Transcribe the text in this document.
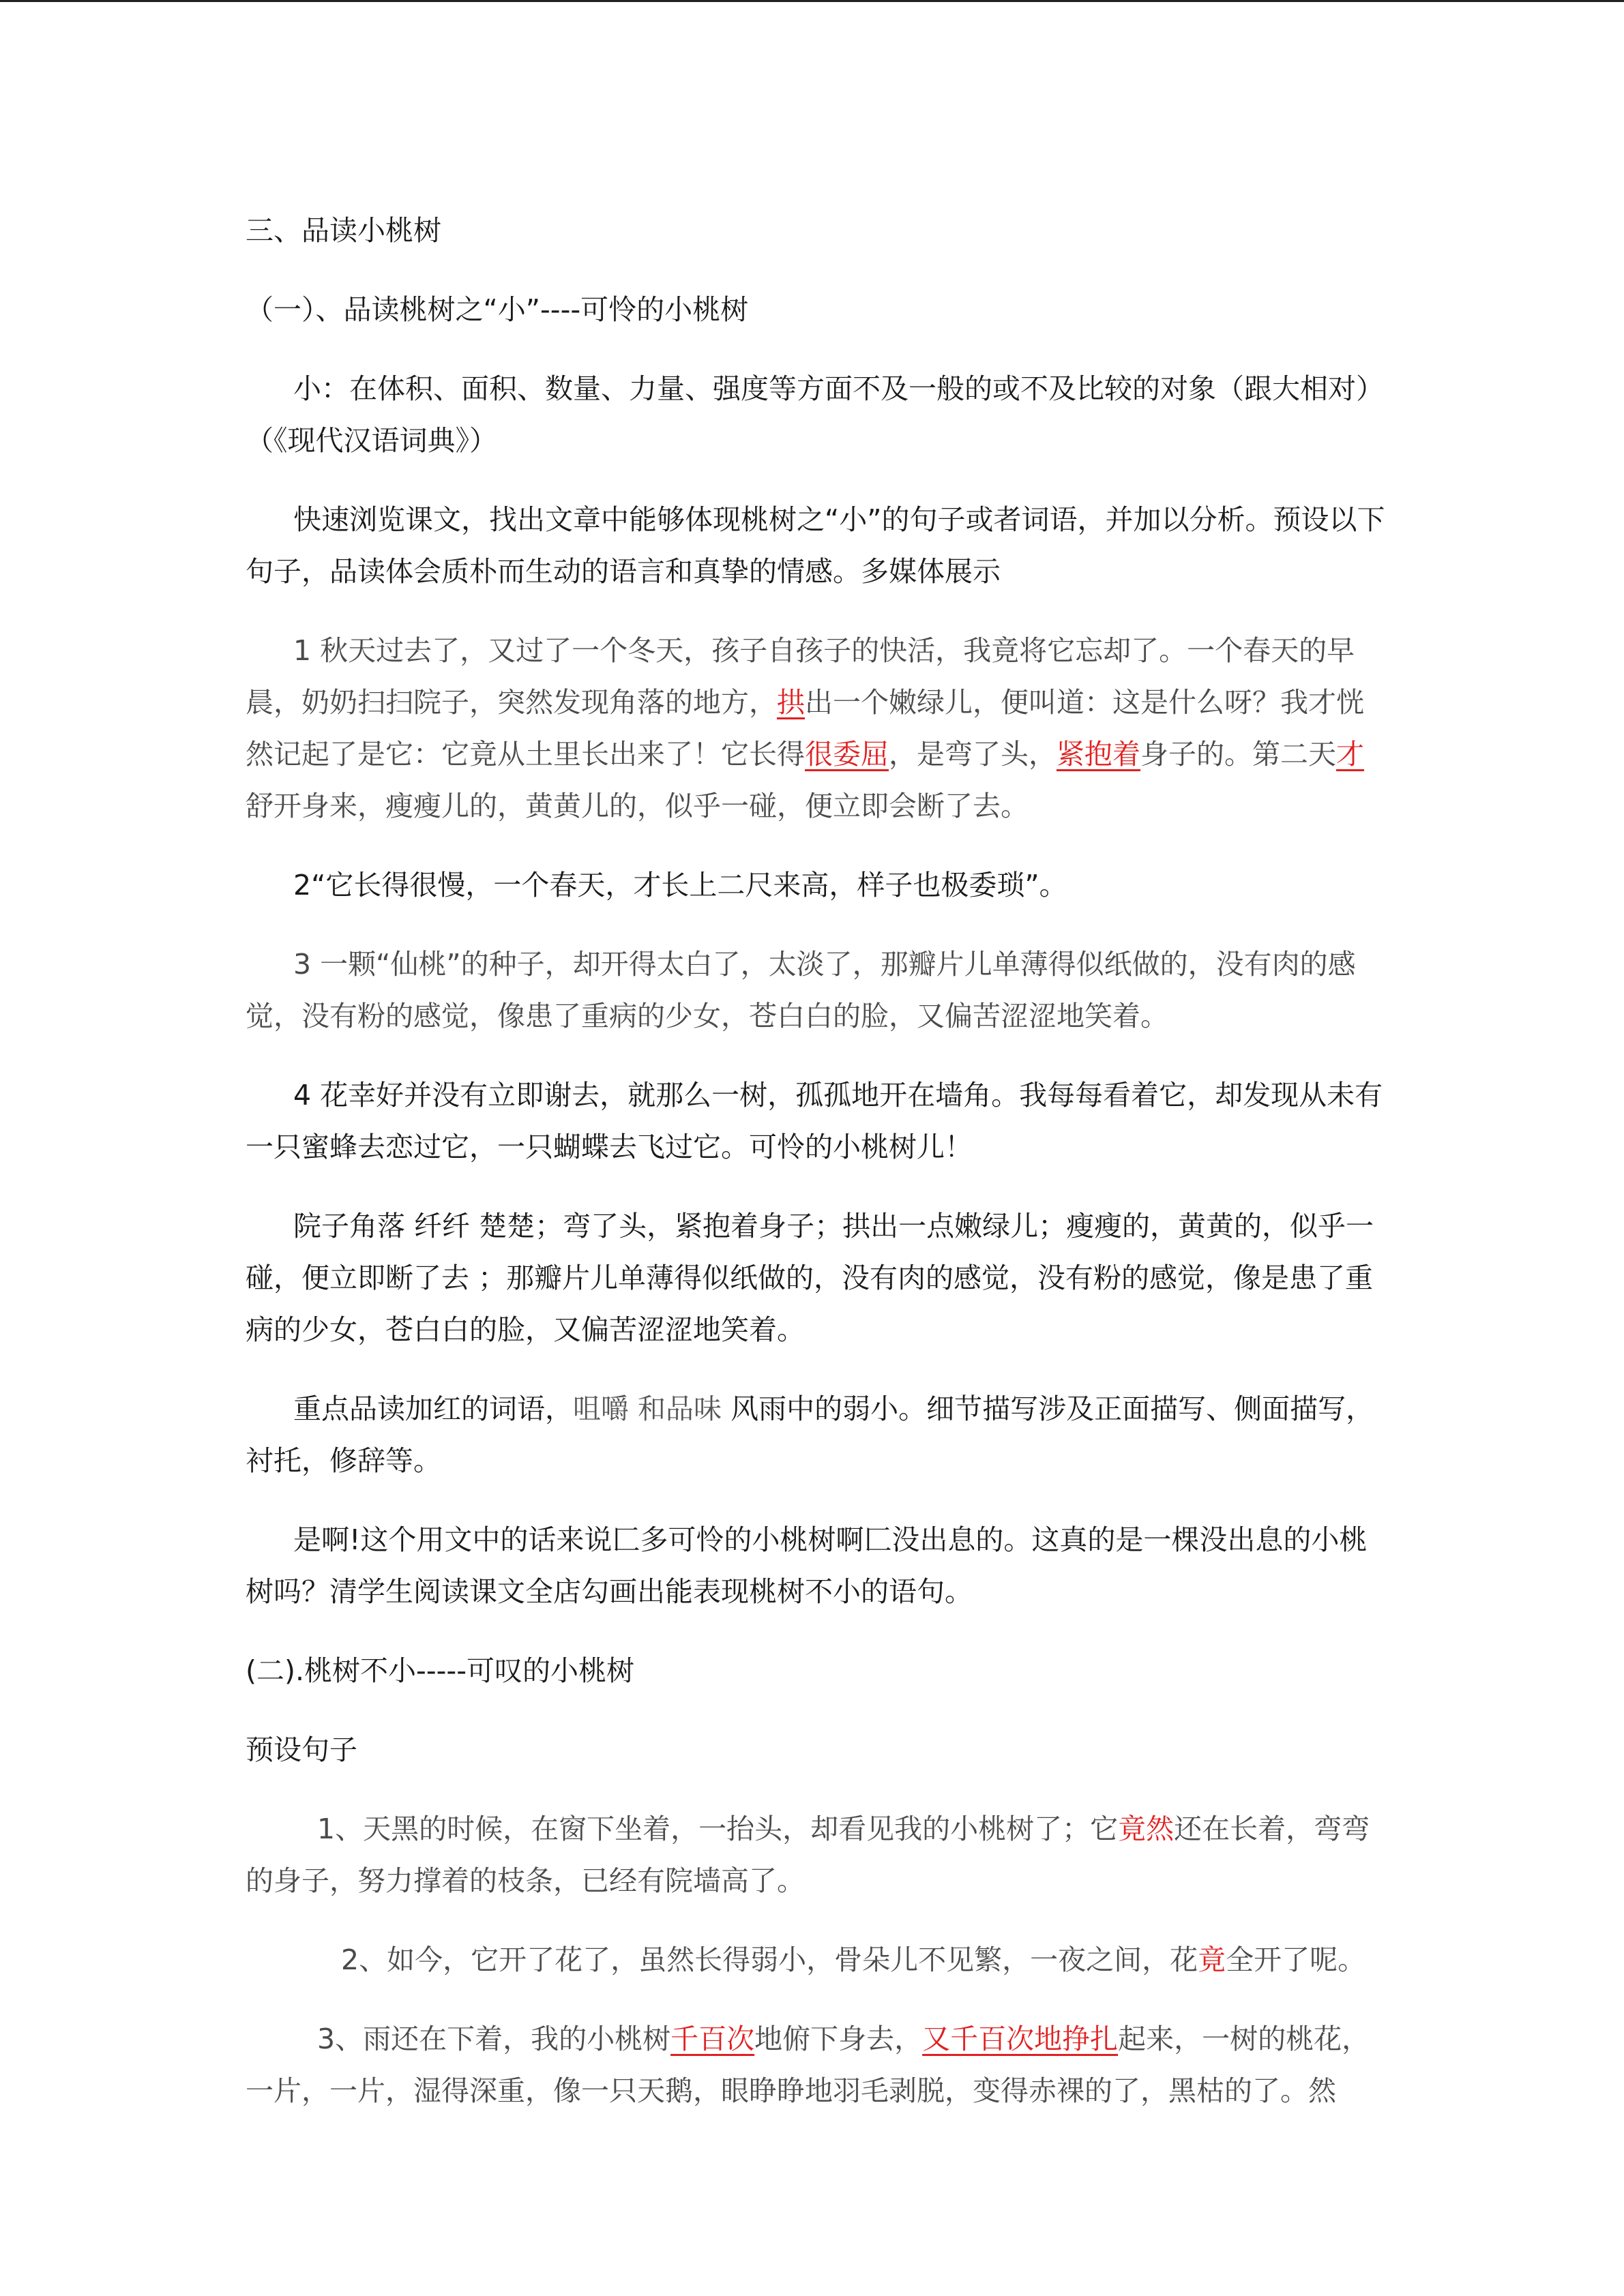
三、品读小桃树

（一）、品读桃树之“小”----可怜的小桃树

小：在体积、面积、数量、力量、强度等方面不及一般的或不及比较的对象（跟大相对）（《现代汉语词典》）

快速浏览课文，找出文章中能够体现桃树之“小”的句子或者词语，并加以分析。预设以下句子，品读体会质朴而生动的语言和真挚的情感。多媒体展示

1 秋天过去了，又过了一个冬天，孩子自孩子的快活，我竟将它忘却了。一个春天的早晨，奶奶扫扫院子，突然发现角落的地方，拱出一个嫩绿儿，便叫道：这是什么呀？我才恍然记起了是它：它竟从土里长出来了！它长得很委屈，是弯了头，紧抱着身子的。第二天才舒开身来，瘦瘦儿的，黄黄儿的，似乎一碰，便立即会断了去。

2“它长得很慢，一个春天，才长上二尺来高，样子也极委琐”。

3 一颗“仙桃”的种子，却开得太白了，太淡了，那瓣片儿单薄得似纸做的，没有肉的感觉，没有粉的感觉，像患了重病的少女，苍白白的脸，又偏苦涩涩地笑着。

4 花幸好并没有立即谢去，就那么一树，孤孤地开在墙角。我每每看着它，却发现从未有一只蜜蜂去恋过它，一只蝴蝶去飞过它。可怜的小桃树儿！

院子角落 纤纤 楚楚；弯了头，紧抱着身子；拱出一点嫩绿儿；瘦瘦的，黄黄的，似乎一碰，便立即断了去 ；那瓣片儿单薄得似纸做的，没有肉的感觉，没有粉的感觉，像是患了重病的少女，苍白白的脸，又偏苦涩涩地笑着。

重点品读加红的词语，咀嚼 和品味 风雨中的弱小。细节描写涉及正面描写、侧面描写，衬托，修辞等。

是啊!这个用文中的话来说匚多可怜的小桃树啊匚没出息的。这真的是一棵没出息的小桃树吗？清学生阅读课文全店勾画出能表现桃树不小的语句。

(二).桃树不小-----可叹的小桃树

预设句子

1、天黑的时候，在窗下坐着，一抬头，却看见我的小桃树了；它竟然还在长着，弯弯的身子，努力撑着的枝条，已经有院墙高了。

2、如今，它开了花了，虽然长得弱小，骨朵儿不见繁，一夜之间，花竟全开了呢。

3、雨还在下着，我的小桃树千百次地俯下身去，又千百次地挣扎起来，一树的桃花，一片，一片，湿得深重，像一只天鹅，眼睁睁地羽毛剥脱，变得赤裸的了，黑枯的了。然
